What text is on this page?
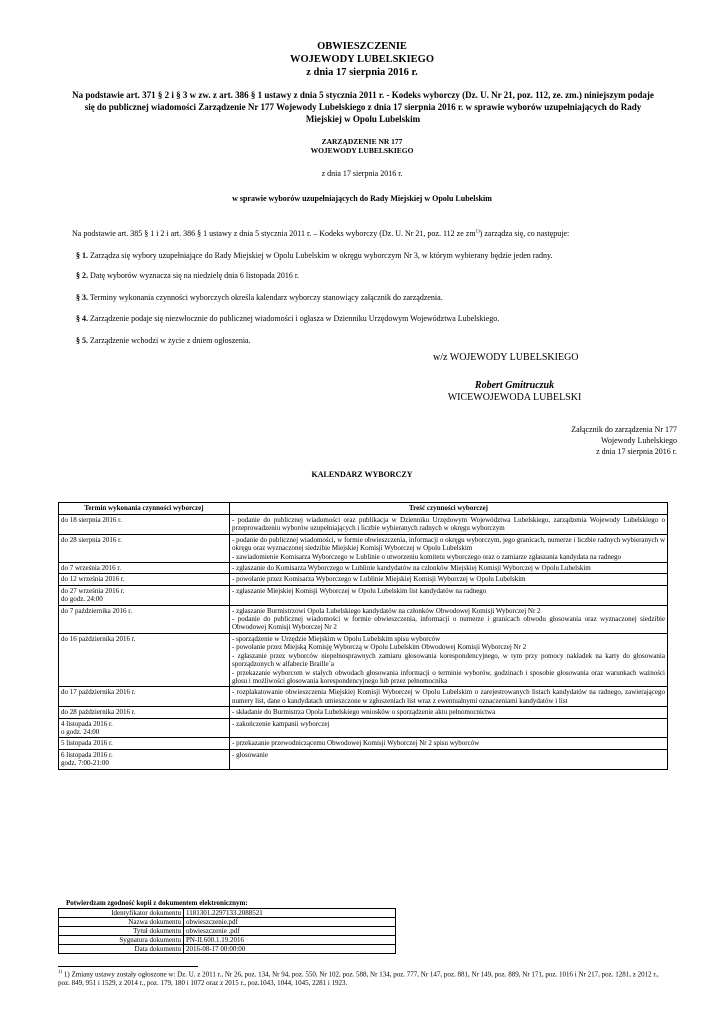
OBWIESZCZENIE
WOJEWODY LUBELSKIEGO
z dnia 17 sierpnia 2016 r.
Na podstawie art. 371 § 2 i § 3 w zw. z art. 386 § 1 ustawy z dnia 5 stycznia 2011 r. - Kodeks wyborczy (Dz. U. Nr 21, poz. 112, ze. zm.) niniejszym podaje się do publicznej wiadomości Zarządzenie Nr 177 Wojewody Lubelskiego z dnia 17 sierpnia 2016 r. w sprawie wyborów uzupełniających do Rady Miejskiej w Opolu Lubelskim
ZARZĄDZENIE NR 177
WOJEWODY LUBELSKIEGO
z dnia 17 sierpnia 2016 r.
w sprawie wyborów uzupełniających do Rady Miejskiej w Opolu Lubelskim
Na podstawie art. 385 § 1 i 2 i art. 386 § 1 ustawy z dnia 5 stycznia 2011 r. – Kodeks wyborczy (Dz. U. Nr 21, poz. 112 ze $zm^{1)}$) zarządza się, co następuje:
§ 1. Zarządza się wybory uzupełniające do Rady Miejskiej w Opolu Lubelskim w okręgu wyborczym Nr 3, w którym wybierany będzie jeden radny.
§ 2. Datę wyborów wyznacza się na niedzielę dnia 6 listopada 2016 r.
§ 3. Terminy wykonania czynności wyborczych określa kalendarz wyborczy stanowiący załącznik do zarządzenia.
§ 4. Zarządzenie podaje się niezwłocznie do publicznej wiadomości i ogłasza w Dzienniku Urzędowym Województwa Lubelskiego.
§ 5. Zarządzenie wchodzi w życie z dniem ogłoszenia.
w/z WOJEWODY LUBELSKIEGO
Robert Gmitruczuk
WICEWOJEWODA LUBELSKI
Załącznik do zarządzenia Nr 177
Wojewody Lubelskiego
z dnia 17 sierpnia 2016 r.
KALENDARZ WYBORCZY
Termin wykonania czynności wyborczej	Treść czynności wyborczej
do 18 sierpnia 2016 r.	- podanie do publicznej wiadomości oraz publikacja w Dzienniku Urzędowym Województwa Lubelskiego, zarządzenia Wojewody Lubelskiego o przeprowadzeniu wyborów uzupełniających i liczbie wybieranych radnych w okręgu wyborczym
do 28 sierpnia 2016 r.	- podanie do publicznej wiadomości, w formie obwieszczenia, informacji o okręgu wyborczym, jego granicach, numerze i liczbie radnych wybieranych w okręgu oraz wyznaczonej siedzibie Miejskiej Komisji Wyborczej w Opolu Lubelskim
- zawiadomienie Komisarza Wyborczego w Lublinie o utworzeniu komitetu wyborczego oraz o zamiarze zgłaszania kandydata na radnego
do 7 września 2016 r.	- zgłaszanie do Komisarza Wyborczego w Lublinie kandydatów na członków Miejskiej Komisji Wyborczej w Opolu Lubelskim
do 12 września 2016 r.	- powołanie przez Komisarza Wyborczego w Lublinie Miejskiej Komisji Wyborczej w Opolu Lubelskim
do 27 września 2016 r.
do godz. 24:00	- zgłaszanie Miejskiej Komisji Wyborczej w Opolu Lubelskim list kandydatów na radnego
do 7 października 2016 r.	- zgłaszanie Burmistrzowi Opola Lubelskiego kandydatów na członków Obwodowej Komisji Wyborczej Nr 2
- podanie do publicznej wiadomości w formie obwieszczenia, informacji o numerze i granicach obwodu głosowania oraz wyznaczonej siedzibie Obwodowej Komisji Wyborczej Nr 2
do 16 października 2016 r.	- sporządzenie w Urzędzie Miejskim w Opolu Lubelskim spisu wyborców
- powołanie przez Miejską Komisję Wyborczą w Opolu Lubelskim Obwodowej Komisji Wyborczej Nr 2
- zgłaszanie przez wyborców niepełnosprawnych zamiaru głosowania korespondencyjnego, w tym przy pomocy nakładek na karty do głosowania sporządzonych w alfabecie Braille`a
- przekazanie wyborcom w stałych obwodach głosowania informacji o terminie wyborów, godzinach i sposobie głosowania oraz warunkach ważności głosu i możliwości głosowania korespondencyjnego lub przez pełnomocnika
do 17 października 2016 r.	- rozplakatowanie obwieszczenia Miejskiej Komisji Wyborczej w Opolu Lubelskim o zarejestrowanych listach kandydatów na radnego, zawierającego numery list, dane o kandydatach umieszczone w zgłoszeniach list wraz z ewentualnymi oznaczeniami kandydatów i list
do 28 października 2016 r.	- składanie do Burmistrza Opola Lubelskiego wniosków o sporządzenie aktu pełnomocnictwa
4 listopada 2016 r.
o godz. 24:00	- zakończenie kampanii wyborczej
5 listopada 2016 r.	- przekazanie przewodniczącemu Obwodowej Komisji Wyborczej Nr 2 spisu wyborców
6 listopada 2016 r.
godz. 7:00-21:00	- głosowanie
Potwierdzam zgodność kopii z dokumentem elektronicznym:
Identyfikator dokumentu	1181301.2297133.2088521
Nazwa dokumentu	obwieszczenie.pdf
Tytuł dokumentu	obwieszczenie .pdf
Sygnatura dokumentu	PN-II.600.1.19.2016
Data dokumentu	2016-08-17 00:00:00
$^{1)}$ 1) Zmiany ustawy zostały ogłoszone w: Dz. U. z 2011 r., Nr 26, poz. 134, Nr 94, poz. 550, Nr 102, poz. 588, Nr 134, poz. 777, Nr 147, poz. 881, Nr 149, poz. 889, Nr 171, poz. 1016 i Nr 217, poz. 1281, z 2012 r., poz. 849, 951 i 1529, z 2014 r., poz. 179, 180 i 1072 oraz z 2015 r., poz.1043, 1044, 1045, 2281 i 1923.
